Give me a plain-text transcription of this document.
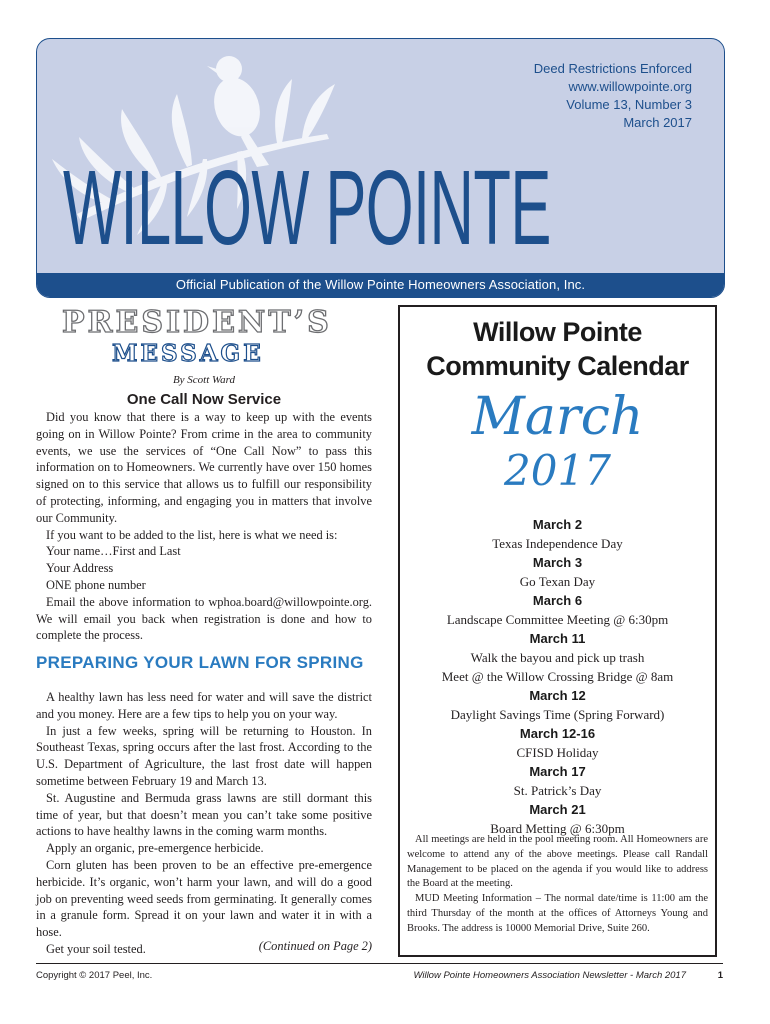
Deed Restrictions Enforced
www.willowpointe.org
Volume 13, Number 3
March 2017
WILLOW POINTE
Official Publication of the Willow Pointe Homeowners Association, Inc.
PRESIDENT’S
MESSAGE
By Scott Ward
One Call Now Service

Did you know that there is a way to keep up with the events going on in Willow Pointe? From crime in the area to community events, we use the services of “One Call Now” to pass this information on to Homeowners. We currently have over 150 homes signed on to this service that allows us to fulfill our responsibility of protecting, informing, and engaging you in matters that involve our Community.

If you want to be added to the list, here is what we need is:

Your name…First and Last

Your Address

ONE phone number

Email the above information to wphoa.board@willowpointe.org. We will email you back when registration is done and how to complete the process.

PREPARING YOUR LAWN FOR SPRING

A healthy lawn has less need for water and will save the district and you money. Here are a few tips to help you on your way.

In just a few weeks, spring will be returning to Houston. In Southeast Texas, spring occurs after the last frost. According to the U.S. Department of Agriculture, the last frost date will happen sometime between February 19 and March 13.

St. Augustine and Bermuda grass lawns are still dormant this time of year, but that doesn’t mean you can’t take some positive actions to have healthy lawns in the coming warm months.

Apply an organic, pre-emergence herbicide.

Corn gluten has been proven to be an effective pre-emergence herbicide. It’s organic, won’t harm your lawn, and will do a good job on preventing weed seeds from germinating. It generally comes in a granule form. Spread it on your lawn and water it in with a hose.

Get your soil tested.	(Continued on Page 2)
Willow Pointe
Community Calendar
March
2017
March 2
Texas Independence Day
March 3
Go Texan Day
March 6
Landscape Committee Meeting @ 6:30pm
March 11
Walk the bayou and pick up trash
Meet @ the Willow Crossing Bridge @ 8am
March 12
Daylight Savings Time (Spring Forward)
March 12-16
CFISD Holiday
March 17
St. Patrick’s Day
March 21
Board Metting @ 6:30pm

All meetings are held in the pool meeting room. All Homeowners are welcome to attend any of the above meetings. Please call Randall Management to be placed on the agenda if you would like to address the Board at the meeting.

MUD Meeting Information – The normal date/time is 11:00 am the third Thursday of the month at the offices of Attorneys Young and Brooks. The address is 10000 Memorial Drive, Suite 260.

Copyright © 2017 Peel, Inc.	Willow Pointe Homeowners Association Newsletter - March 2017	1
